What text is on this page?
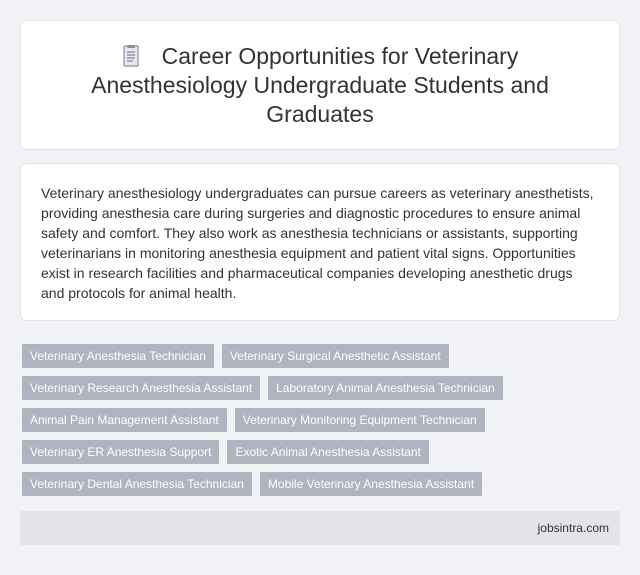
Career Opportunities for Veterinary Anesthesiology Undergraduate Students and Graduates

Veterinary anesthesiology undergraduates can pursue careers as veterinary anesthetists, providing anesthesia care during surgeries and diagnostic procedures to ensure animal safety and comfort. They also work as anesthesia technicians or assistants, supporting veterinarians in monitoring anesthesia equipment and patient vital signs. Opportunities exist in research facilities and pharmaceutical companies developing anesthetic drugs and protocols for animal health.

Veterinary Anesthesia Technician	Veterinary Surgical Anesthetic Assistant
Veterinary Research Anesthesia Assistant	Laboratory Animal Anesthesia Technician
Animal Pain Management Assistant	Veterinary Monitoring Equipment Technician
Veterinary ER Anesthesia Support	Exotic Animal Anesthesia Assistant
Veterinary Dental Anesthesia Technician	Mobile Veterinary Anesthesia Assistant
jobsintra.com
